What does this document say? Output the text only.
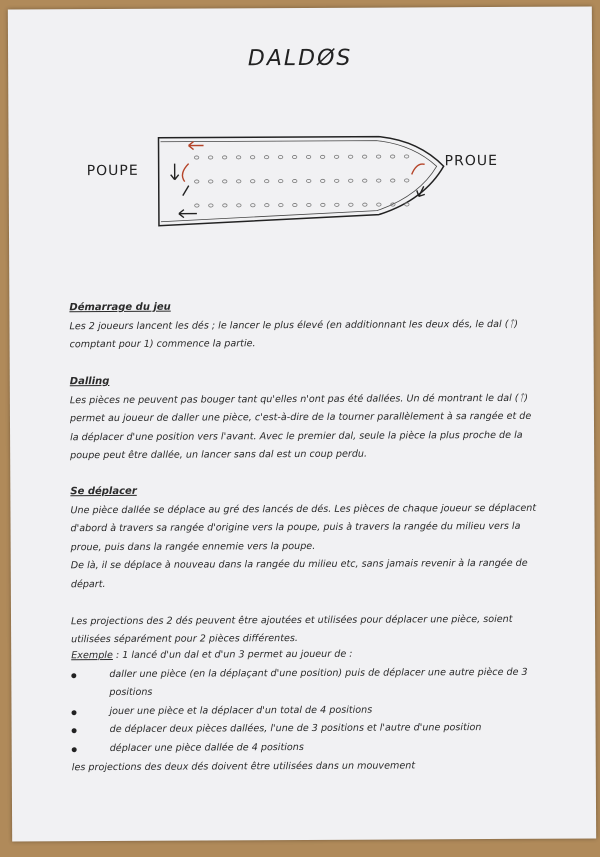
DALDØS
POUPE
PROUE

Démarrage du jeu

Les 2 joueurs lancent les dés ; le lancer le plus élevé (en additionnant les deux dés, le dal (ᛏ) comptant pour 1) commence la partie.

Dalling

Les pièces ne peuvent pas bouger tant qu'elles n'ont pas été dallées. Un dé montrant le dal (ᛏ) permet au joueur de daller une pièce, c'est-à-dire de la tourner parallèlement à sa rangée et de la déplacer d'une position vers l'avant. Avec le premier dal, seule la pièce la plus proche de la poupe peut être dallée, un lancer sans dal est un coup perdu.

Se déplacer

Une pièce dallée se déplace au gré des lancés de dés. Les pièces de chaque joueur se déplacent d'abord à travers sa rangée d'origine vers la poupe, puis à travers la rangée du milieu vers la proue, puis dans la rangée ennemie vers la poupe.

De là, il se déplace à nouveau dans la rangée du milieu etc, sans jamais revenir à la rangée de départ.

Les projections des 2 dés peuvent être ajoutées et utilisées pour déplacer une pièce, soient utilisées séparément pour 2 pièces différentes.

Exemple : 1 lancé d'un dal et d'un 3 permet au joueur de :

daller une pièce (en la déplaçant d'une position) puis de déplacer une autre pièce de 3 positions
jouer une pièce et la déplacer d'un total de 4 positions
de déplacer deux pièces dallées, l'une de 3 positions et l'autre d'une position
déplacer une pièce dallée de 4 positions

les projections des deux dés doivent être utilisées dans un mouvement
